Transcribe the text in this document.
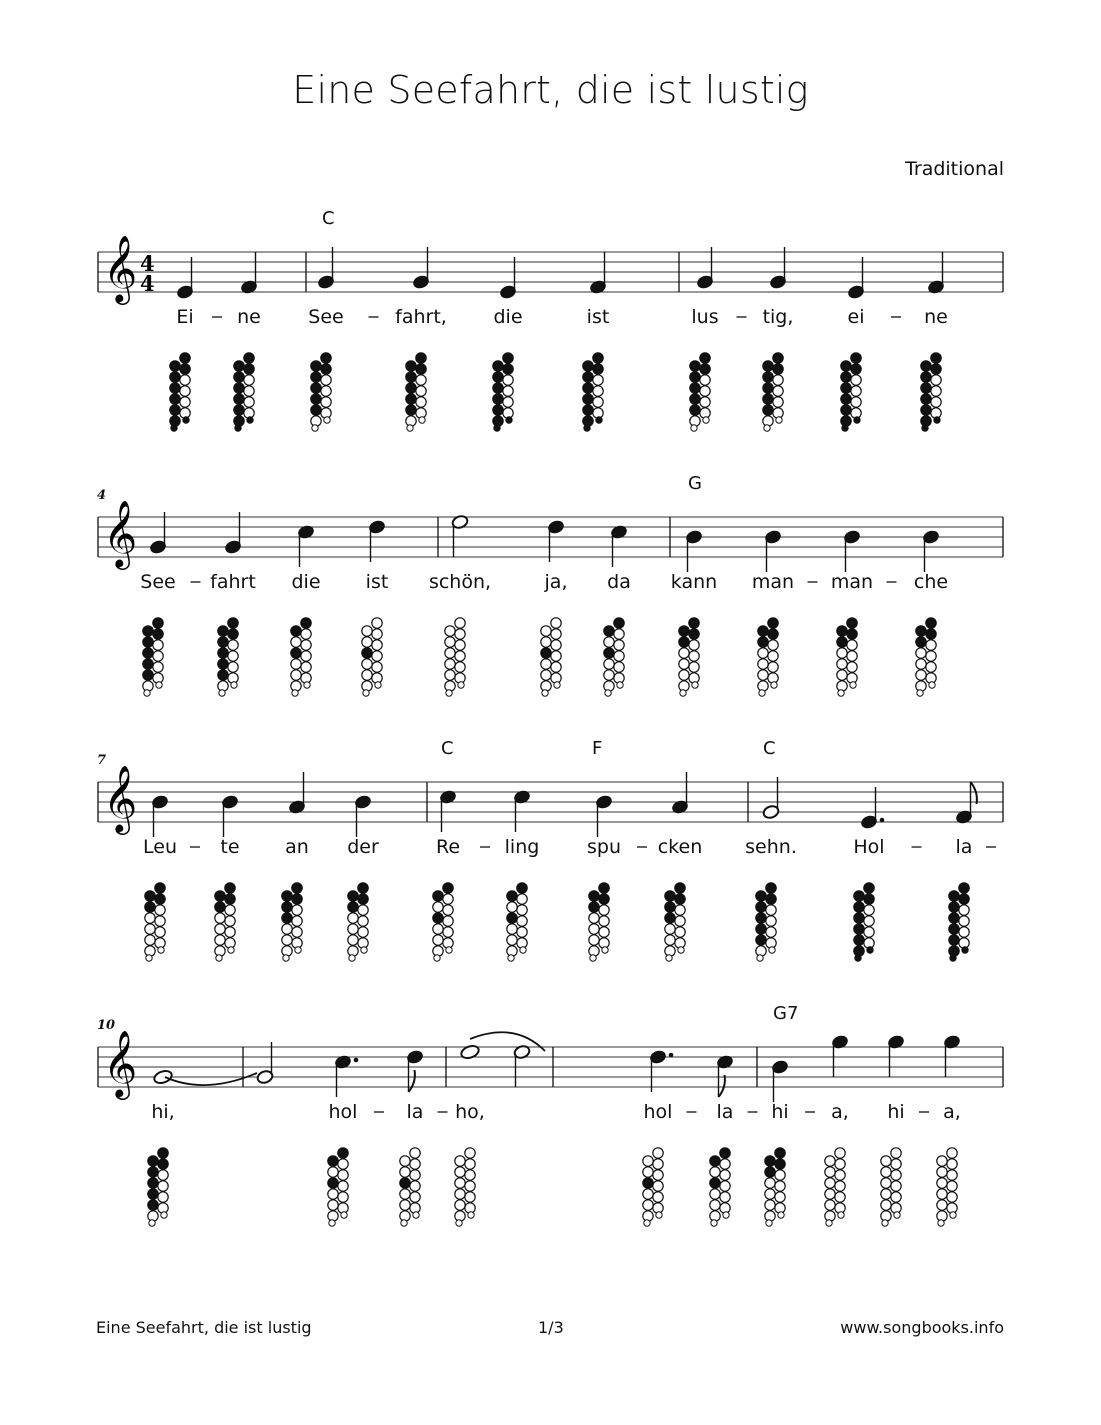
Eine Seefahrt, die ist lustig
Traditional
𝄞 4
4
Ei ne
C
See	fahrt, die	ist	lus tig,	ei	ne
𝄞
4
See fahrt die ist schön,	ja, da
G
kann man man che
𝄞
7
Leu te an der
C
Re ling
F
spu cken
C
sehn.	Hol	la
𝄞
10
hi,	hol	la ho,	hol la
G7
hi a, hi a,
Eine Seefahrt, die ist lustig	1/3	www.songbooks.info
